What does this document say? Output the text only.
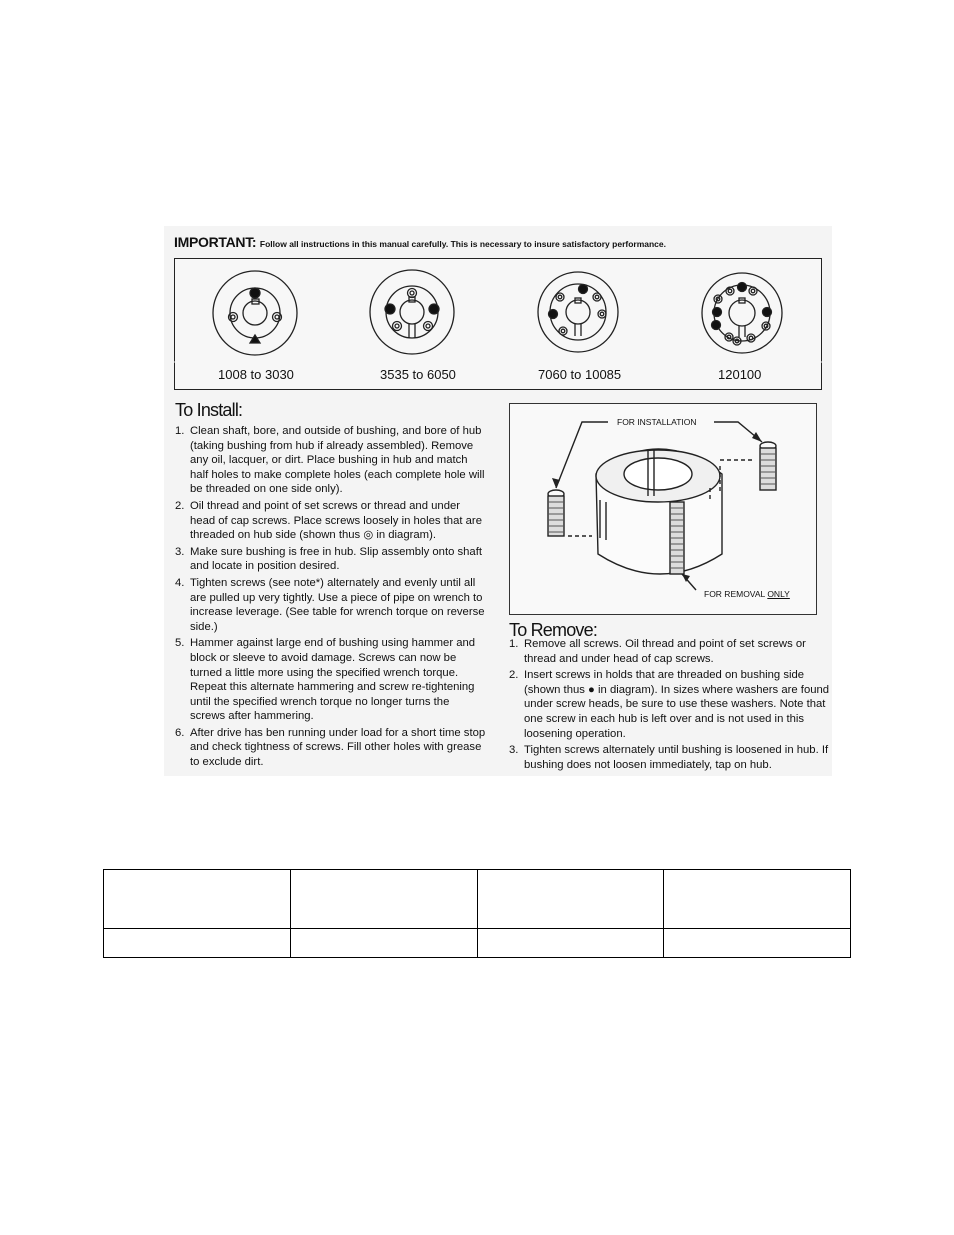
IMPORTANT: Follow all instructions in this manual carefully. This is necessary to insure satisfactory performance.
1008 to 3030	3535 to 6050	7060 to 10085	120100
To Install:
1. Clean shaft, bore, and outside of bushing, and bore of hub (taking bushing from hub if already assembled). Remove any oil, lacquer, or dirt. Place bushing in hub and match half holes to make complete holes (each complete hole will be threaded on one side only).
2. Oil thread and point of set screws or thread and under head of cap screws. Place screws loosely in holes that are threaded on hub side (shown thus ◎ in diagram).
3. Make sure bushing is free in hub. Slip assembly onto shaft and locate in position desired.
4. Tighten screws (see note*) alternately and evenly until all are pulled up very tightly. Use a piece of pipe on wrench to increase leverage. (See table for wrench torque on reverse side.)
5. Hammer against large end of bushing using hammer and block or sleeve to avoid damage. Screws can now be turned a little more using the specified wrench torque. Repeat this alternate hammering and screw re-tightening until the specified wrench torque no longer turns the screws after hammering.
6. After drive has ben running under load for a short time stop and check tightness of screws. Fill other holes with grease to exclude dirt.
FOR INSTALLATION
FOR REMOVAL ONLY
To Remove:
1. Remove all screws. Oil thread and point of set screws or thread and under head of cap screws.
2. Insert screws in holds that are threaded on bushing side (shown thus ● in diagram). In sizes where washers are found under screw heads, be sure to use these washers. Note that one screw in each hub is left over and is not used in this loosening operation.
3. Tighten screws alternately until bushing is loosened in hub. If bushing does not loosen immediately, tap on hub.
